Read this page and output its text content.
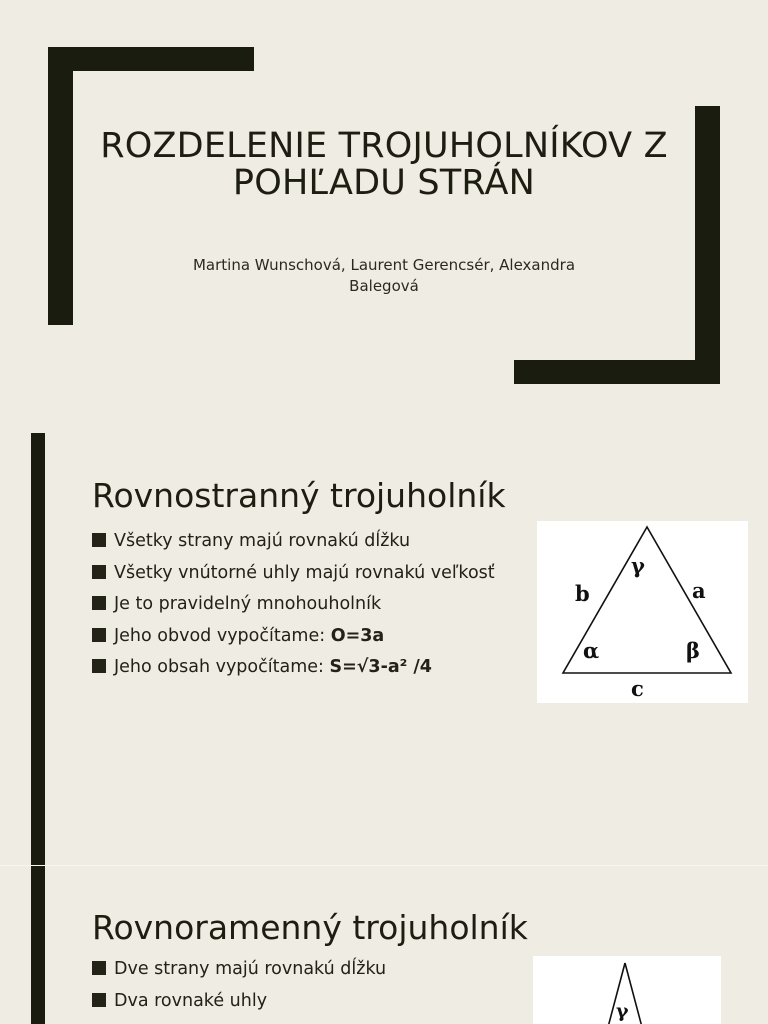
ROZDELENIE TROJUHOLNÍKOV Z POHĽADU STRÁN
Martina Wunschová, Laurent Gerencsér, Alexandra Balegová
Rovnostranný trojuholník
Všetky strany majú rovnakú dĺžku
Všetky vnútorné uhly majú rovnakú veľkosť
Je to pravidelný mnohouholník
Jeho obvod vypočítame: O=3a
Jeho obsah vypočítame: S=√3-a² /4
γ
b	a
α	β
c
Rovnoramenný trojuholník
Dve strany majú rovnakú dĺžku
Dva rovnaké uhly	γ
